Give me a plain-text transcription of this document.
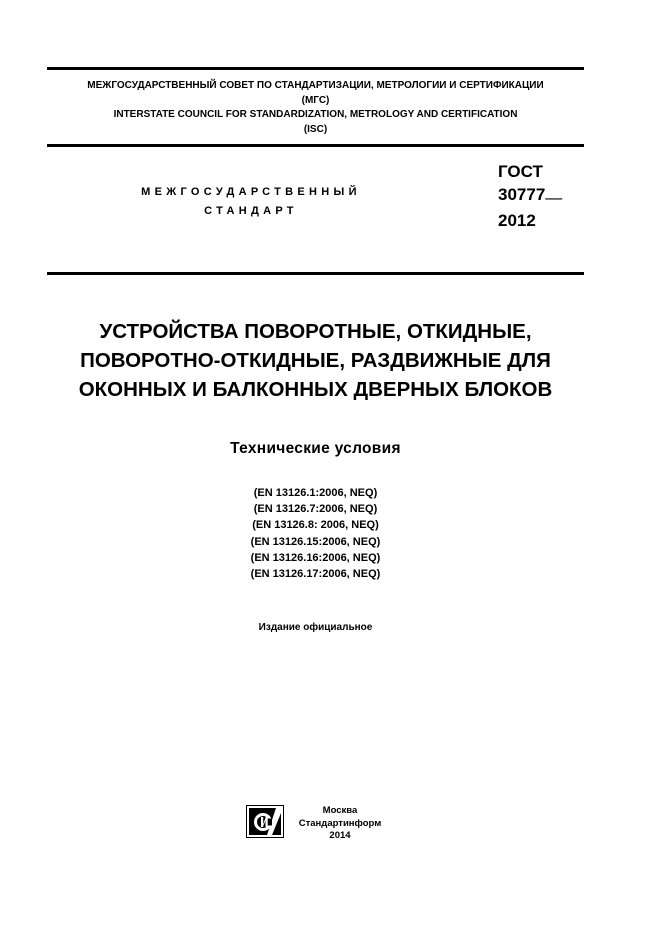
МЕЖГОСУДАРСТВЕННЫЙ СОВЕТ ПО СТАНДАРТИЗАЦИИ, МЕТРОЛОГИИ И СЕРТИФИКАЦИИ
(МГС)
INTERSTATE COUNCIL FOR STANDARDIZATION, METROLOGY AND CERTIFICATION
(ISC)
МЕЖГОСУДАРСТВЕННЫЙ
СТАНДАРТ
ГОСТ
30777—
2012
УСТРОЙСТВА ПОВОРОТНЫЕ, ОТКИДНЫЕ,
ПОВОРОТНО-ОТКИДНЫЕ, РАЗДВИЖНЫЕ ДЛЯ
ОКОННЫХ И БАЛКОННЫХ ДВЕРНЫХ БЛОКОВ
Технические условия
(EN 13126.1:2006, NEQ)
(EN 13126.7:2006, NEQ)
(EN 13126.8: 2006, NEQ)
(EN 13126.15:2006, NEQ)
(EN 13126.16:2006, NEQ)
(EN 13126.17:2006, NEQ)
Издание официальное
Москва
Стандартинформ
2014
